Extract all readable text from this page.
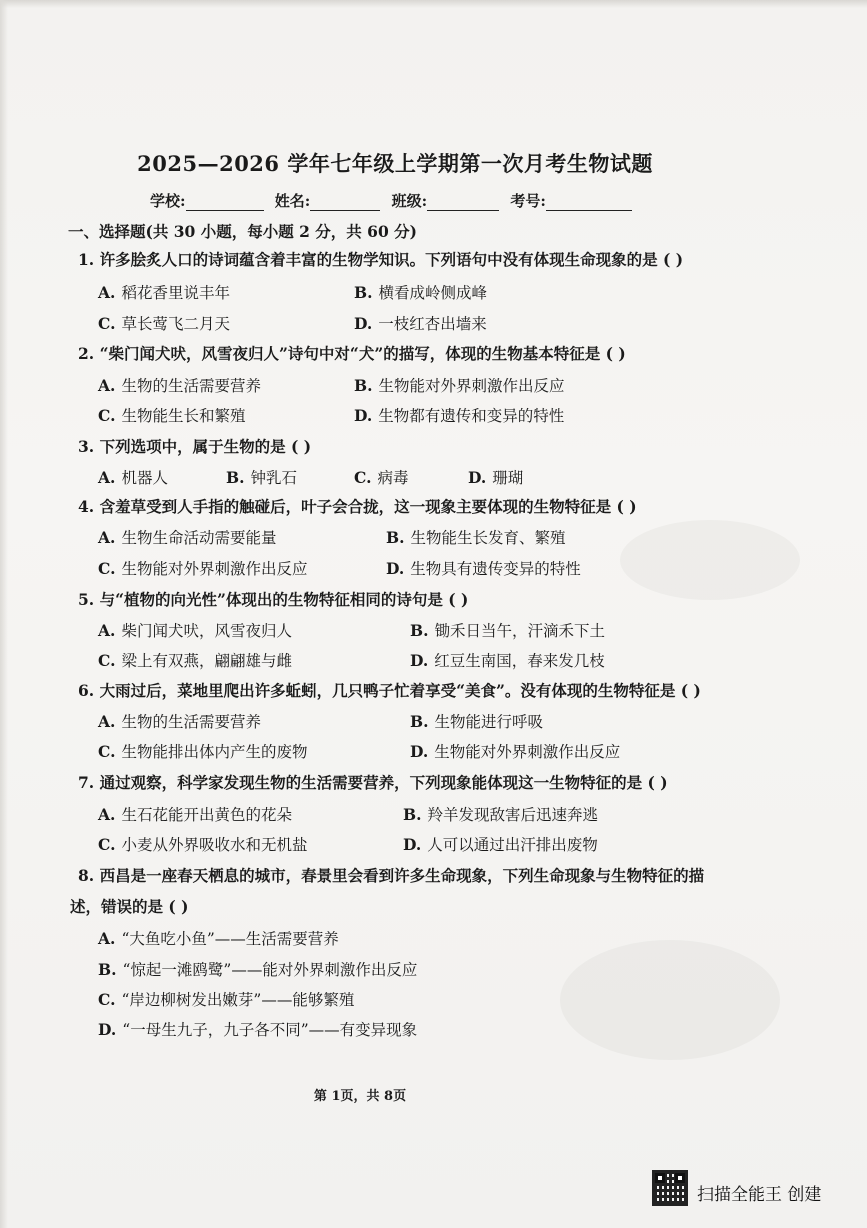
2025—2026 学年七年级上学期第一次月考生物试题
学校:	姓名:	班级:	考号:
一、选择题(共 30 小题，每小题 2 分，共 60 分)
1. 许多脍炙人口的诗词蕴含着丰富的生物学知识。下列语句中没有体现生命现象的是 ( )
A. 稻花香里说丰年	B. 横看成岭侧成峰
C. 草长莺飞二月天	D. 一枝红杏出墙来
2. “柴门闻犬吠，风雪夜归人”诗句中对“犬”的描写，体现的生物基本特征是 ( )
A. 生物的生活需要营养	B. 生物能对外界刺激作出反应
C. 生物能生长和繁殖	D. 生物都有遗传和变异的特性
3. 下列选项中，属于生物的是 ( )
A. 机器人	B. 钟乳石	C. 病毒	D. 珊瑚
4. 含羞草受到人手指的触碰后，叶子会合拢，这一现象主要体现的生物特征是 ( )
A. 生物生命活动需要能量	B. 生物能生长发育、繁殖
C. 生物能对外界刺激作出反应	D. 生物具有遗传变异的特性
5. 与“植物的向光性”体现出的生物特征相同的诗句是 ( )
A. 柴门闻犬吠，风雪夜归人	B. 锄禾日当午，汗滴禾下土
C. 梁上有双燕，翩翩雄与雌	D. 红豆生南国，春来发几枝
6. 大雨过后，菜地里爬出许多蚯蚓，几只鸭子忙着享受“美食”。没有体现的生物特征是 ( )
A. 生物的生活需要营养	B. 生物能进行呼吸
C. 生物能排出体内产生的废物	D. 生物能对外界刺激作出反应
7. 通过观察，科学家发现生物的生活需要营养，下列现象能体现这一生物特征的是 ( )
A. 生石花能开出黄色的花朵	B. 羚羊发现敌害后迅速奔逃
C. 小麦从外界吸收水和无机盐	D. 人可以通过出汗排出废物
8. 西昌是一座春天栖息的城市，春景里会看到许多生命现象，下列生命现象与生物特征的描
述，错误的是 ( )
A. “大鱼吃小鱼”——生活需要营养
B. “惊起一滩鸥鹭”——能对外界刺激作出反应
C. “岸边柳树发出嫩芽”——能够繁殖
D. “一母生九子，九子各不同”——有变异现象
第 1页，共 8页
扫描全能王 创建
